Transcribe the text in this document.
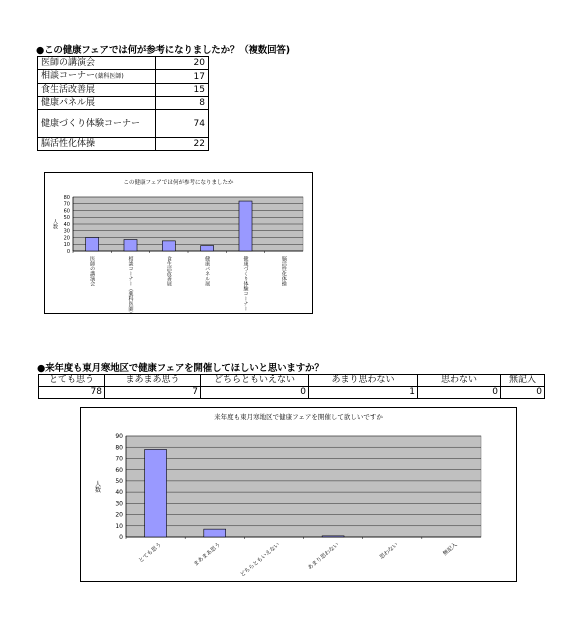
●この健康フェアでは何が参考になりましたか？（複数回答)
医師の講演会	20
相談コーナー(薬科医師)	17
食生活改善展	15
健康パネル展	8
健康づくり体験コーナー	74
脳活性化体操	22
この健康フェアでは何が参考になりましたか
0
10
20
30
40
50
60
70
80
人数
医師の講演会	相談コーナー（薬科医師）	食生活改善展	健康パネル展	健康づくり体験コーナー	脳活性化体操
●来年度も東月寒地区で健康フェアを開催してほしいと思いますか？
とても思う	まあまあ思う	どちらともいえない	あまり思わない	思わない	無記入
78	7	0	1	0	0
来年度も東月寒地区で健康フェアを開催して欲しいですか
0
10
20
30
40
50
60
70
80
90
人数
とても思う	まあまあ思う	どちらともいえない	あまり思わない	思わない	無記入
